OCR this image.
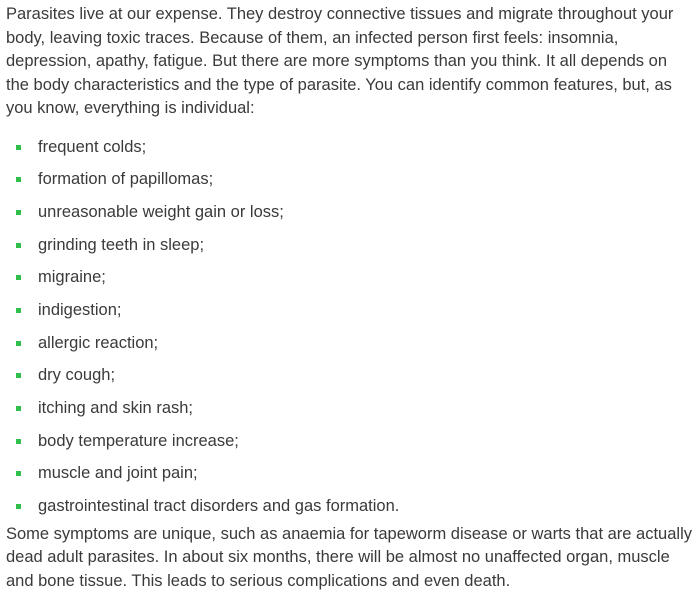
Parasites live at our expense. They destroy connective tissues and migrate throughout your body, leaving toxic traces. Because of them, an infected person first feels: insomnia, depression, apathy, fatigue. But there are more symptoms than you think. It all depends on the body characteristics and the type of parasite. You can identify common features, but, as you know, everything is individual:

frequent colds;
formation of papillomas;
unreasonable weight gain or loss;
grinding teeth in sleep;
migraine;
indigestion;
allergic reaction;
dry cough;
itching and skin rash;
body temperature increase;
muscle and joint pain;
gastrointestinal tract disorders and gas formation.

Some symptoms are unique, such as anaemia for tapeworm disease or warts that are actually dead adult parasites. In about six months, there will be almost no unaffected organ, muscle and bone tissue. This leads to serious complications and even death.
